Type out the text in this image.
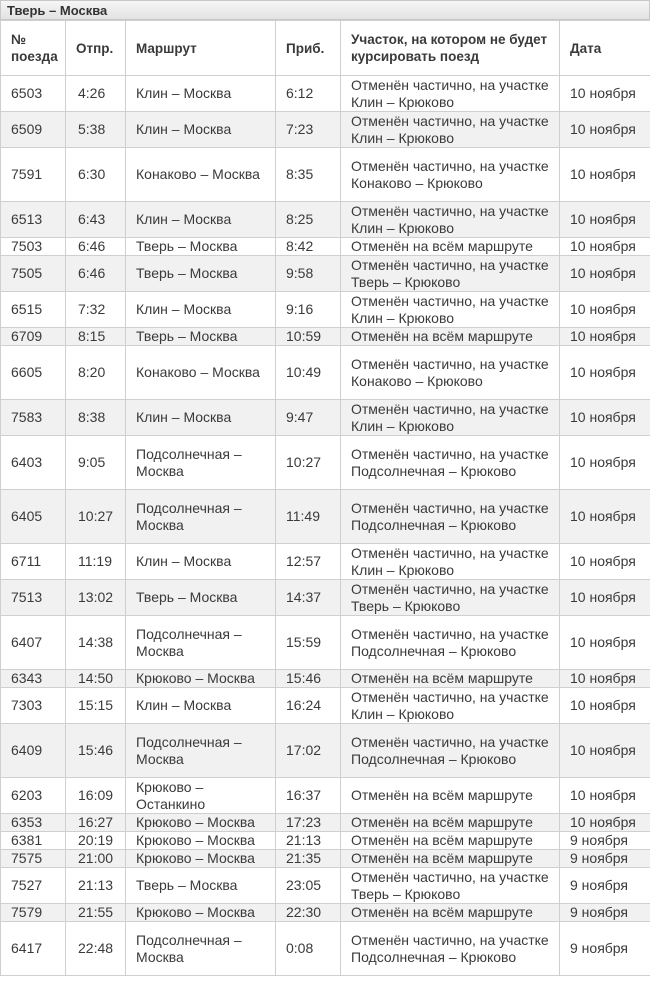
Тверь – Москва
№ поезда	Отпр.	Маршрут	Приб.	Участок, на котором не будет курсировать поезд	Дата
6503	4:26	Клин – Москва	6:12	Отменён частично, на участке Клин – Крюково	10 ноября
6509	5:38	Клин – Москва	7:23	Отменён частично, на участке Клин – Крюково	10 ноября
7591	6:30	Конаково – Москва	8:35	Отменён частично, на участке Конаково – Крюково	10 ноября
6513	6:43	Клин – Москва	8:25	Отменён частично, на участке Клин – Крюково	10 ноября
7503	6:46	Тверь – Москва	8:42	Отменён на всём маршруте	10 ноября
7505	6:46	Тверь – Москва	9:58	Отменён частично, на участке Тверь – Крюково	10 ноября
6515	7:32	Клин – Москва	9:16	Отменён частично, на участке Клин – Крюково	10 ноября
6709	8:15	Тверь – Москва	10:59	Отменён на всём маршруте	10 ноября
6605	8:20	Конаково – Москва	10:49	Отменён частично, на участке Конаково – Крюково	10 ноября
7583	8:38	Клин – Москва	9:47	Отменён частично, на участке Клин – Крюково	10 ноября
6403	9:05	Подсолнечная – Москва	10:27	Отменён частично, на участке Подсолнечная – Крюково	10 ноября
6405	10:27	Подсолнечная – Москва	11:49	Отменён частично, на участке Подсолнечная – Крюково	10 ноября
6711	11:19	Клин – Москва	12:57	Отменён частично, на участке Клин – Крюково	10 ноября
7513	13:02	Тверь – Москва	14:37	Отменён частично, на участке Тверь – Крюково	10 ноября
6407	14:38	Подсолнечная – Москва	15:59	Отменён частично, на участке Подсолнечная – Крюково	10 ноября
6343	14:50	Крюково – Москва	15:46	Отменён на всём маршруте	10 ноября
7303	15:15	Клин – Москва	16:24	Отменён частично, на участке Клин – Крюково	10 ноября
6409	15:46	Подсолнечная – Москва	17:02	Отменён частично, на участке Подсолнечная – Крюково	10 ноября
6203	16:09	Крюково – Останкино	16:37	Отменён на всём маршруте	10 ноября
6353	16:27	Крюково – Москва	17:23	Отменён на всём маршруте	10 ноября
6381	20:19	Крюково – Москва	21:13	Отменён на всём маршруте	9 ноября
7575	21:00	Крюково – Москва	21:35	Отменён на всём маршруте	9 ноября
7527	21:13	Тверь – Москва	23:05	Отменён частично, на участке Тверь – Крюково	9 ноября
7579	21:55	Крюково – Москва	22:30	Отменён на всём маршруте	9 ноября
6417	22:48	Подсолнечная – Москва	0:08	Отменён частично, на участке Подсолнечная – Крюково	9 ноября
